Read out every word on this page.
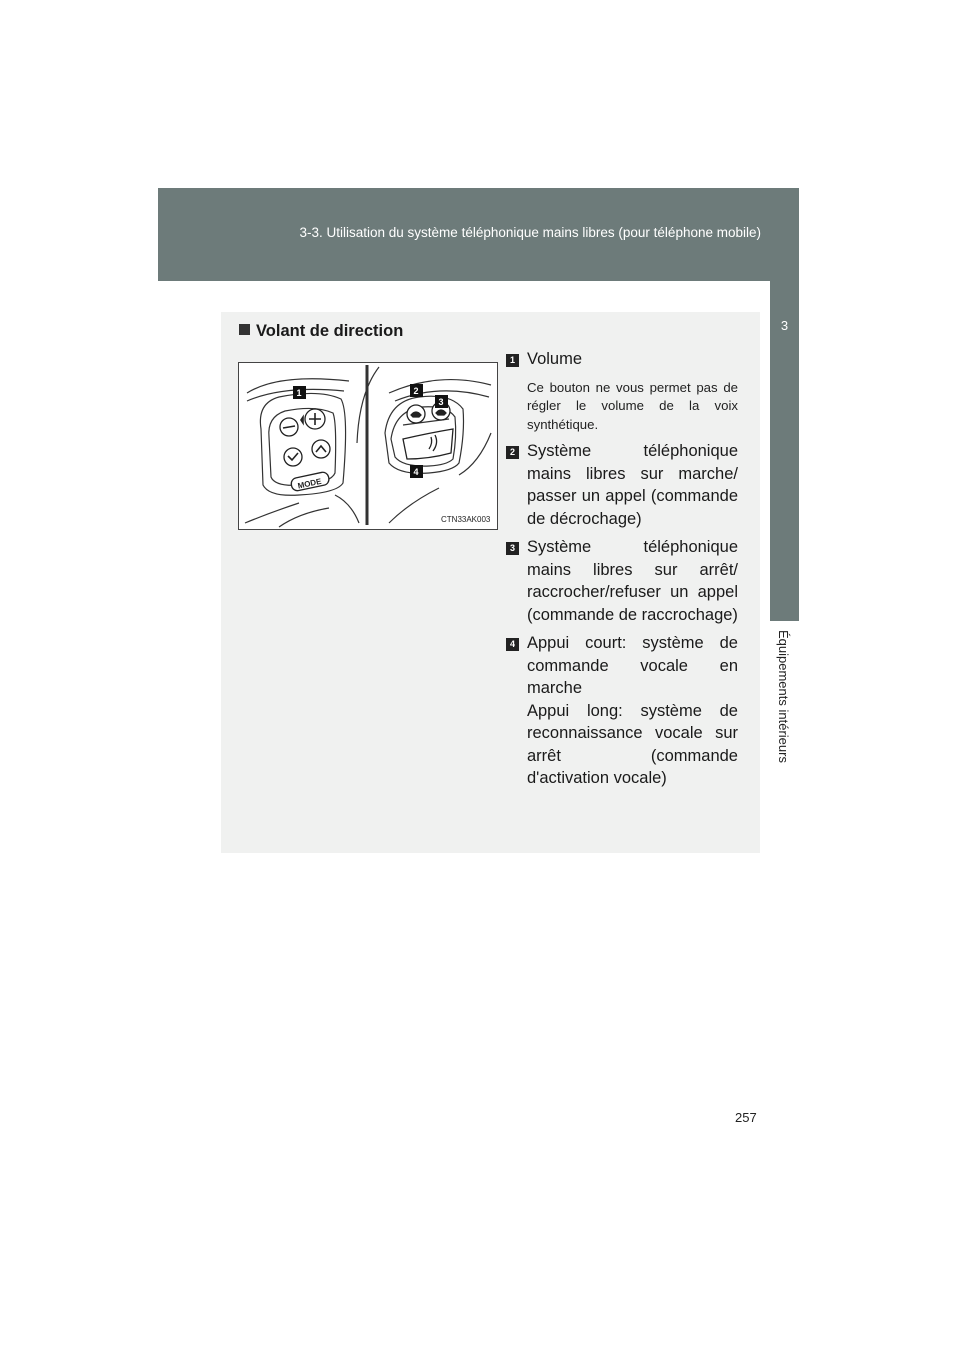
3-3. Utilisation du système téléphonique mains libres (pour téléphone mobile)
3
Équipements intérieurs
Volant de direction
MODE
1	2
3
4
CTN33AK003
1 Volume
Ce bouton ne vous permet pas de régler le volume de la voix synthétique.
2 Système téléphonique mains libres sur marche/ passer un appel (commande de décrochage)
3 Système téléphonique mains libres sur arrêt/ raccrocher/refuser un appel (commande de raccrochage)
4 Appui court: système de commande vocale en marche
Appui long: système de reconnaissance vocale sur arrêt (commande d'activation vocale)
257
